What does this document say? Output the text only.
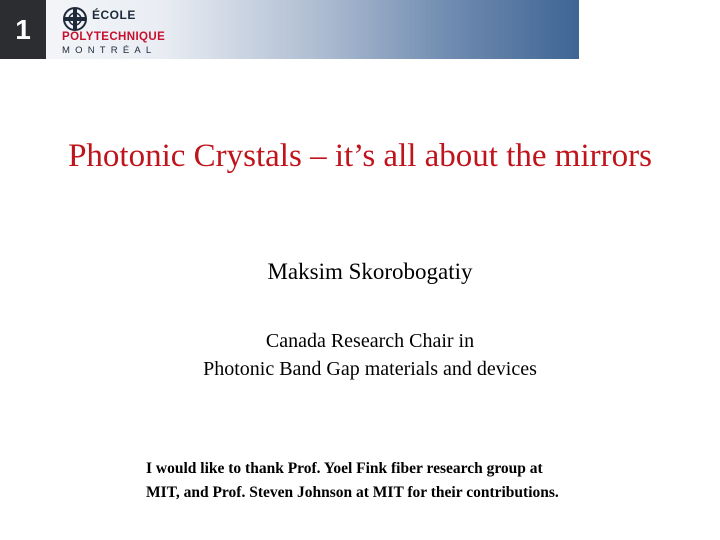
1	ÉCOLE
POLYTECHNIQUE
MONTRÉAL
Photonic Crystals – it’s all about the mirrors
Maksim Skorobogatiy
Canada Research Chair in
Photonic Band Gap materials and devices
I would like to thank Prof. Yoel Fink fiber research group at
MIT, and Prof. Steven Johnson at MIT for their contributions.
